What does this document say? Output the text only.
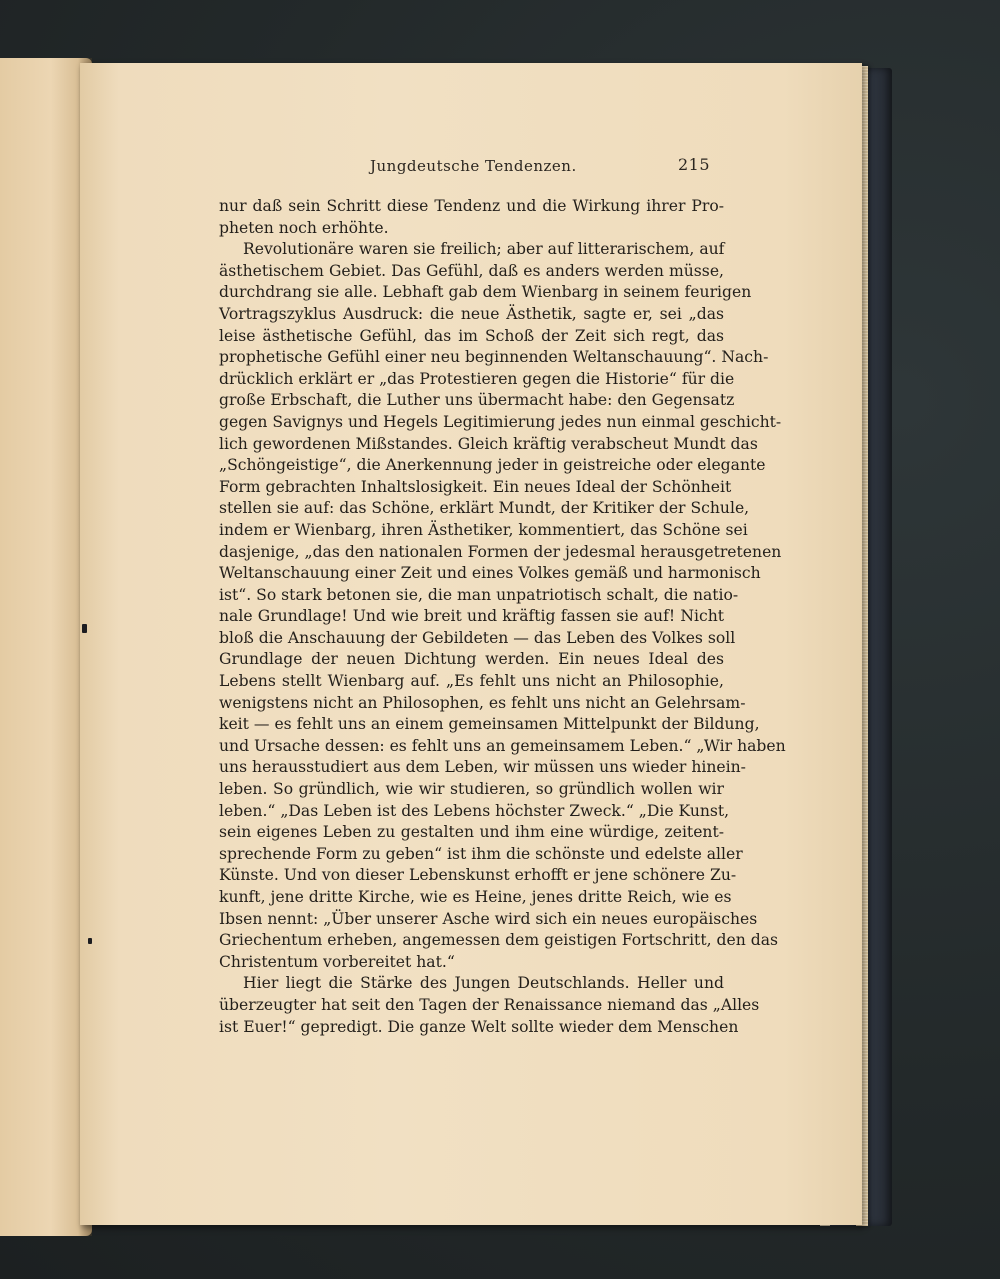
Jungdeutsche Tendenzen.	215
nur daß sein Schritt diese Tendenz und die Wirkung ihrer Pro-
pheten noch erhöhte.
Revolutionäre waren sie freilich; aber auf litterarischem, auf
ästhetischem Gebiet. Das Gefühl, daß es anders werden müsse,
durchdrang sie alle. Lebhaft gab dem Wienbarg in seinem feurigen
Vortragszyklus Ausdruck: die neue Ästhetik, sagte er, sei „das
leise ästhetische Gefühl, das im Schoß der Zeit sich regt, das
prophetische Gefühl einer neu beginnenden Weltanschauung“. Nach-
drücklich erklärt er „das Protestieren gegen die Historie“ für die
große Erbschaft, die Luther uns übermacht habe: den Gegensatz
gegen Savignys und Hegels Legitimierung jedes nun einmal geschicht-
lich gewordenen Mißstandes. Gleich kräftig verabscheut Mundt das
„Schöngeistige“, die Anerkennung jeder in geistreiche oder elegante
Form gebrachten Inhaltslosigkeit. Ein neues Ideal der Schönheit
stellen sie auf: das Schöne, erklärt Mundt, der Kritiker der Schule,
indem er Wienbarg, ihren Ästhetiker, kommentiert, das Schöne sei
dasjenige, „das den nationalen Formen der jedesmal herausgetretenen
Weltanschauung einer Zeit und eines Volkes gemäß und harmonisch
ist“. So stark betonen sie, die man unpatriotisch schalt, die natio-
nale Grundlage! Und wie breit und kräftig fassen sie auf! Nicht
bloß die Anschauung der Gebildeten — das Leben des Volkes soll
Grundlage der neuen Dichtung werden. Ein neues Ideal des
Lebens stellt Wienbarg auf. „Es fehlt uns nicht an Philosophie,
wenigstens nicht an Philosophen, es fehlt uns nicht an Gelehrsam-
keit — es fehlt uns an einem gemeinsamen Mittelpunkt der Bildung,
und Ursache dessen: es fehlt uns an gemeinsamem Leben.“ „Wir haben
uns herausstudiert aus dem Leben, wir müssen uns wieder hinein-
leben. So gründlich, wie wir studieren, so gründlich wollen wir
leben.“ „Das Leben ist des Lebens höchster Zweck.“ „Die Kunst,
sein eigenes Leben zu gestalten und ihm eine würdige, zeitent-
sprechende Form zu geben“ ist ihm die schönste und edelste aller
Künste. Und von dieser Lebenskunst erhofft er jene schönere Zu-
kunft, jene dritte Kirche, wie es Heine, jenes dritte Reich, wie es
Ibsen nennt: „Über unserer Asche wird sich ein neues europäisches
Griechentum erheben, angemessen dem geistigen Fortschritt, den das
Christentum vorbereitet hat.“
Hier liegt die Stärke des Jungen Deutschlands. Heller und
überzeugter hat seit den Tagen der Renaissance niemand das „Alles
ist Euer!“ gepredigt. Die ganze Welt sollte wieder dem Menschen
